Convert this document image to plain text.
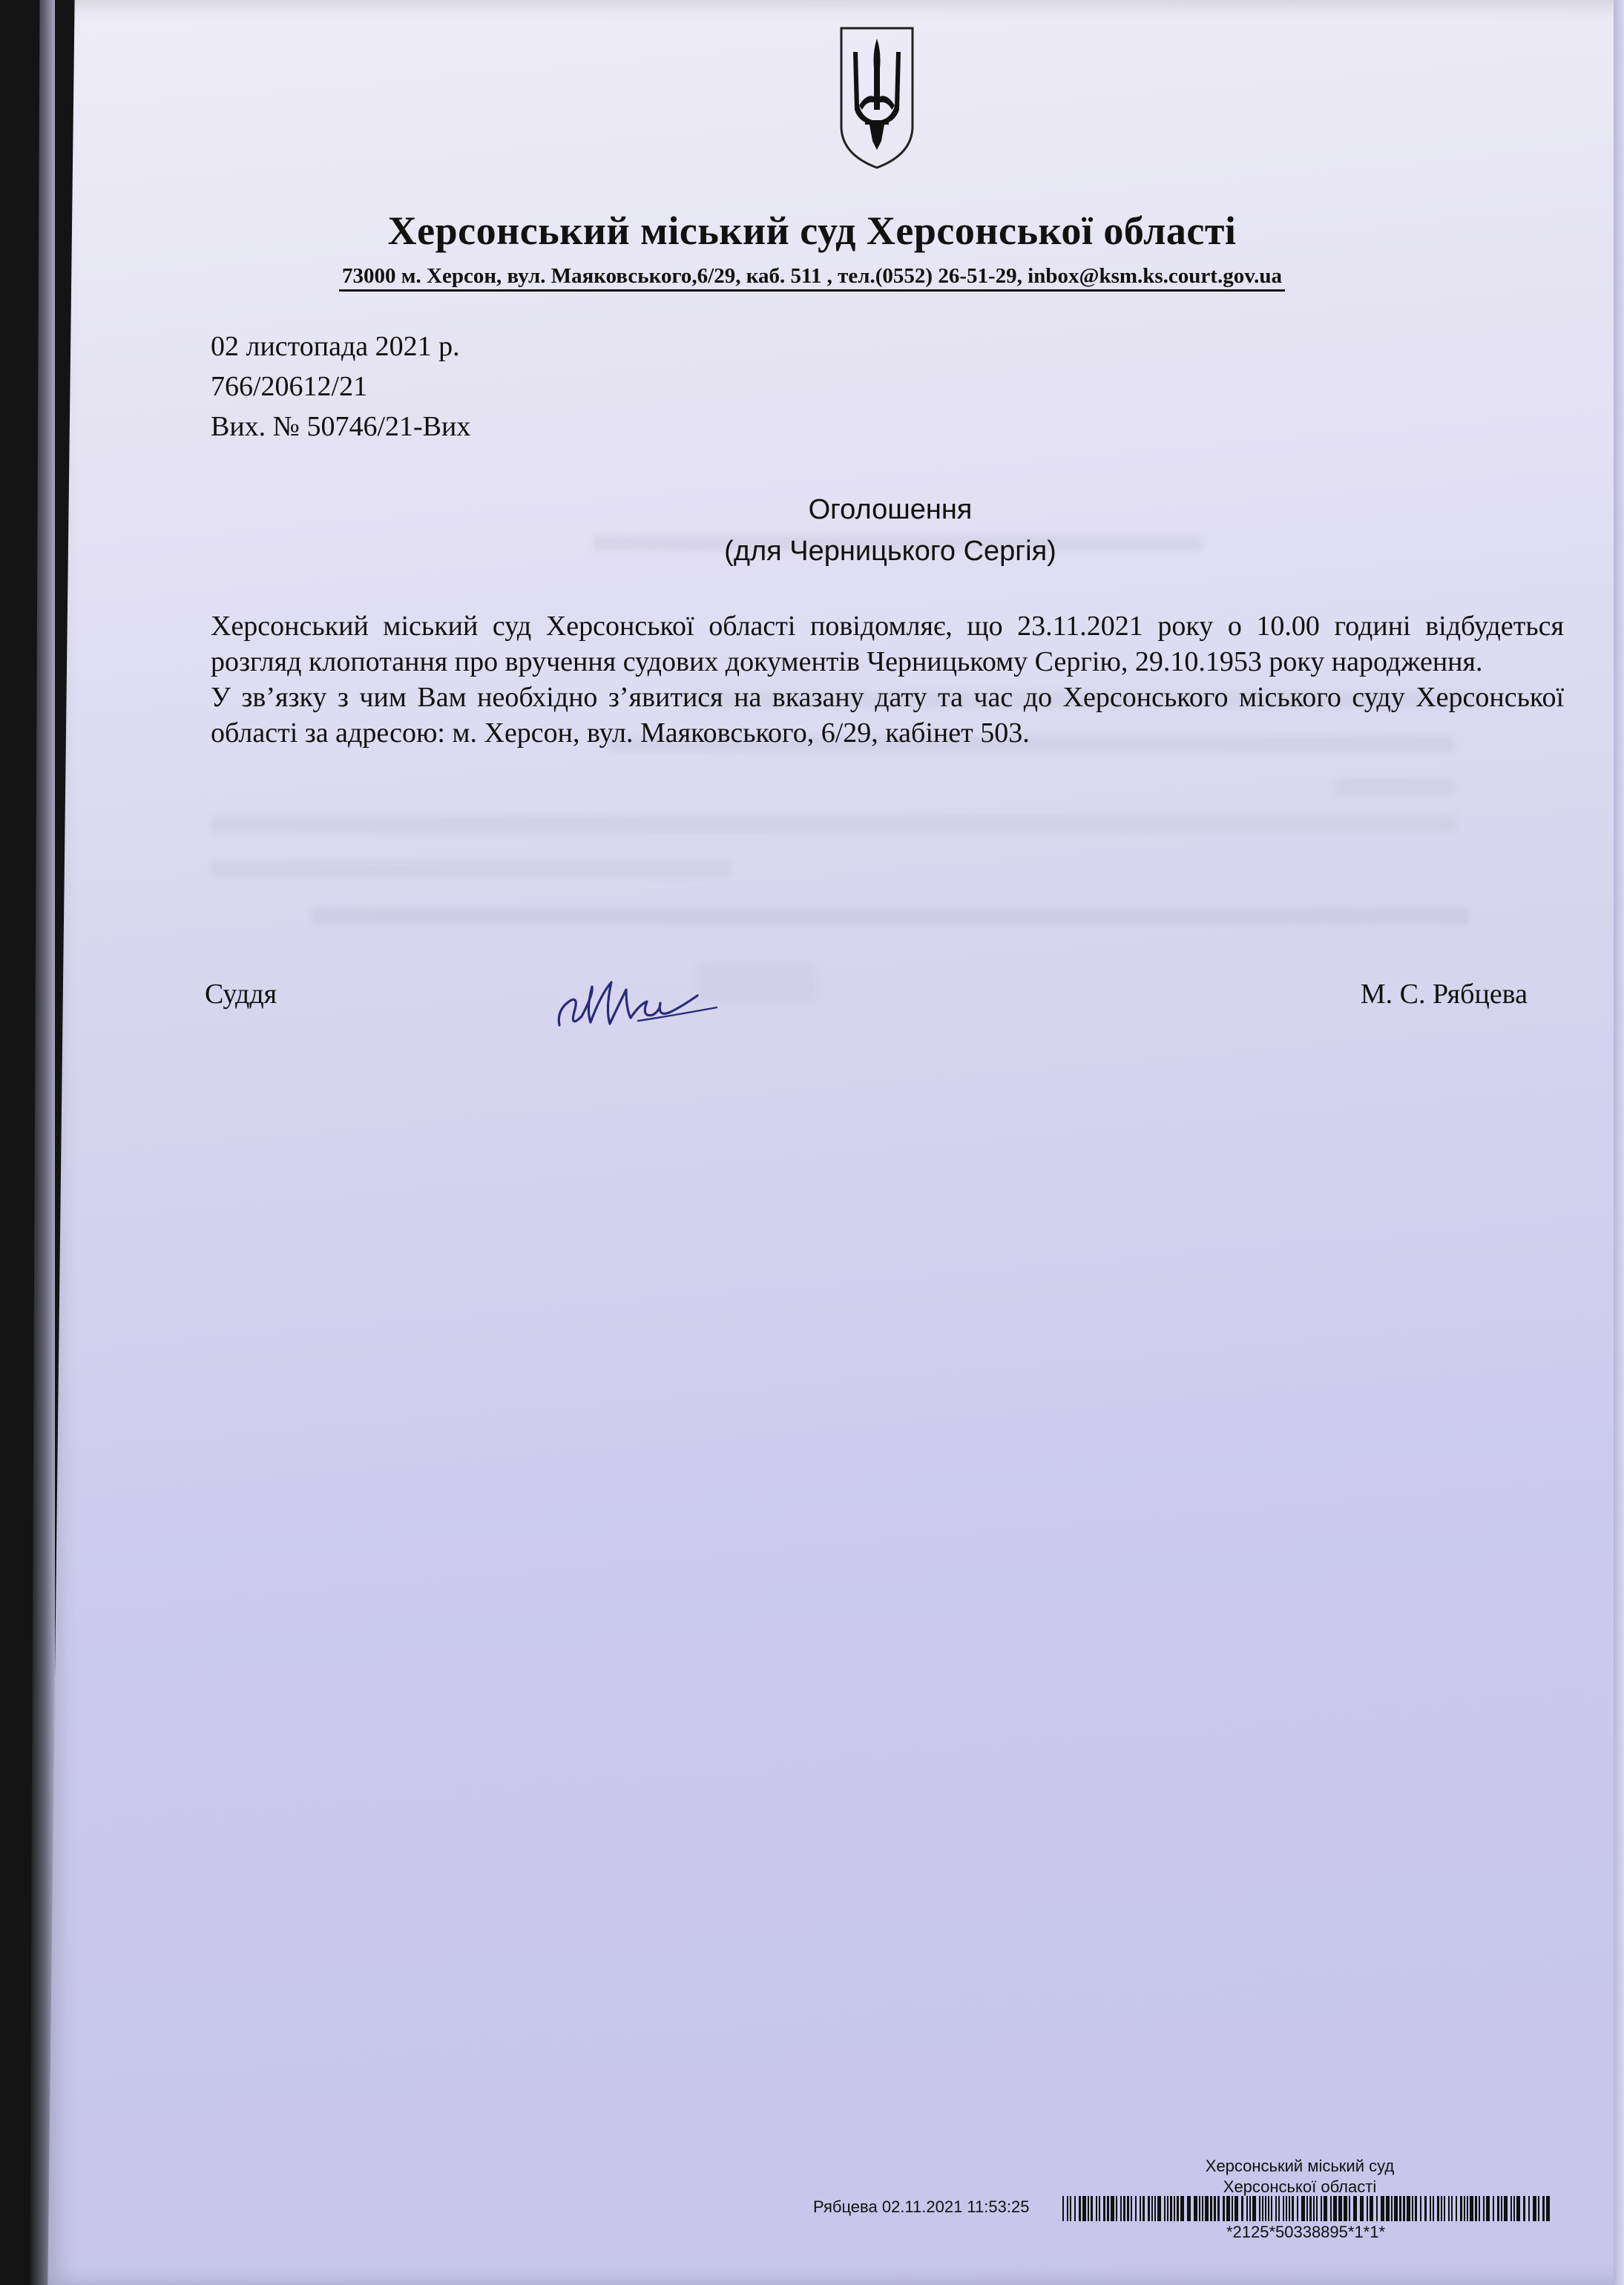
Херсонський міський суд Херсонської області
73000 м. Херсон, вул. Маяковського,6/29, каб. 511 , тел.(0552) 26-51-29, inbox@ksm.ks.court.gov.ua
02 листопада 2021 р.
766/20612/21
Вих. № 50746/21-Вих
Оголошення
(для Черницького Сергія)

Херсонський міський суд Херсонської області повідомляє, що 23.11.2021 року о 10.00 годині відбудеться розгляд клопотання про вручення судових документів Черницькому Сергію, 29.10.1953 року народження.

У зв’язку з чим Вам необхідно з’явитися на вказану дату та час до Херсонського міського суду Херсонської області за адресою: м. Херсон, вул. Маяковського, 6/29, кабінет 503.

Суддя	М. С. Рябцева
Херсонський міський суд
Херсонської області
Рябцева 02.11.2021 11:53:25
*2125*50338895*1*1*
